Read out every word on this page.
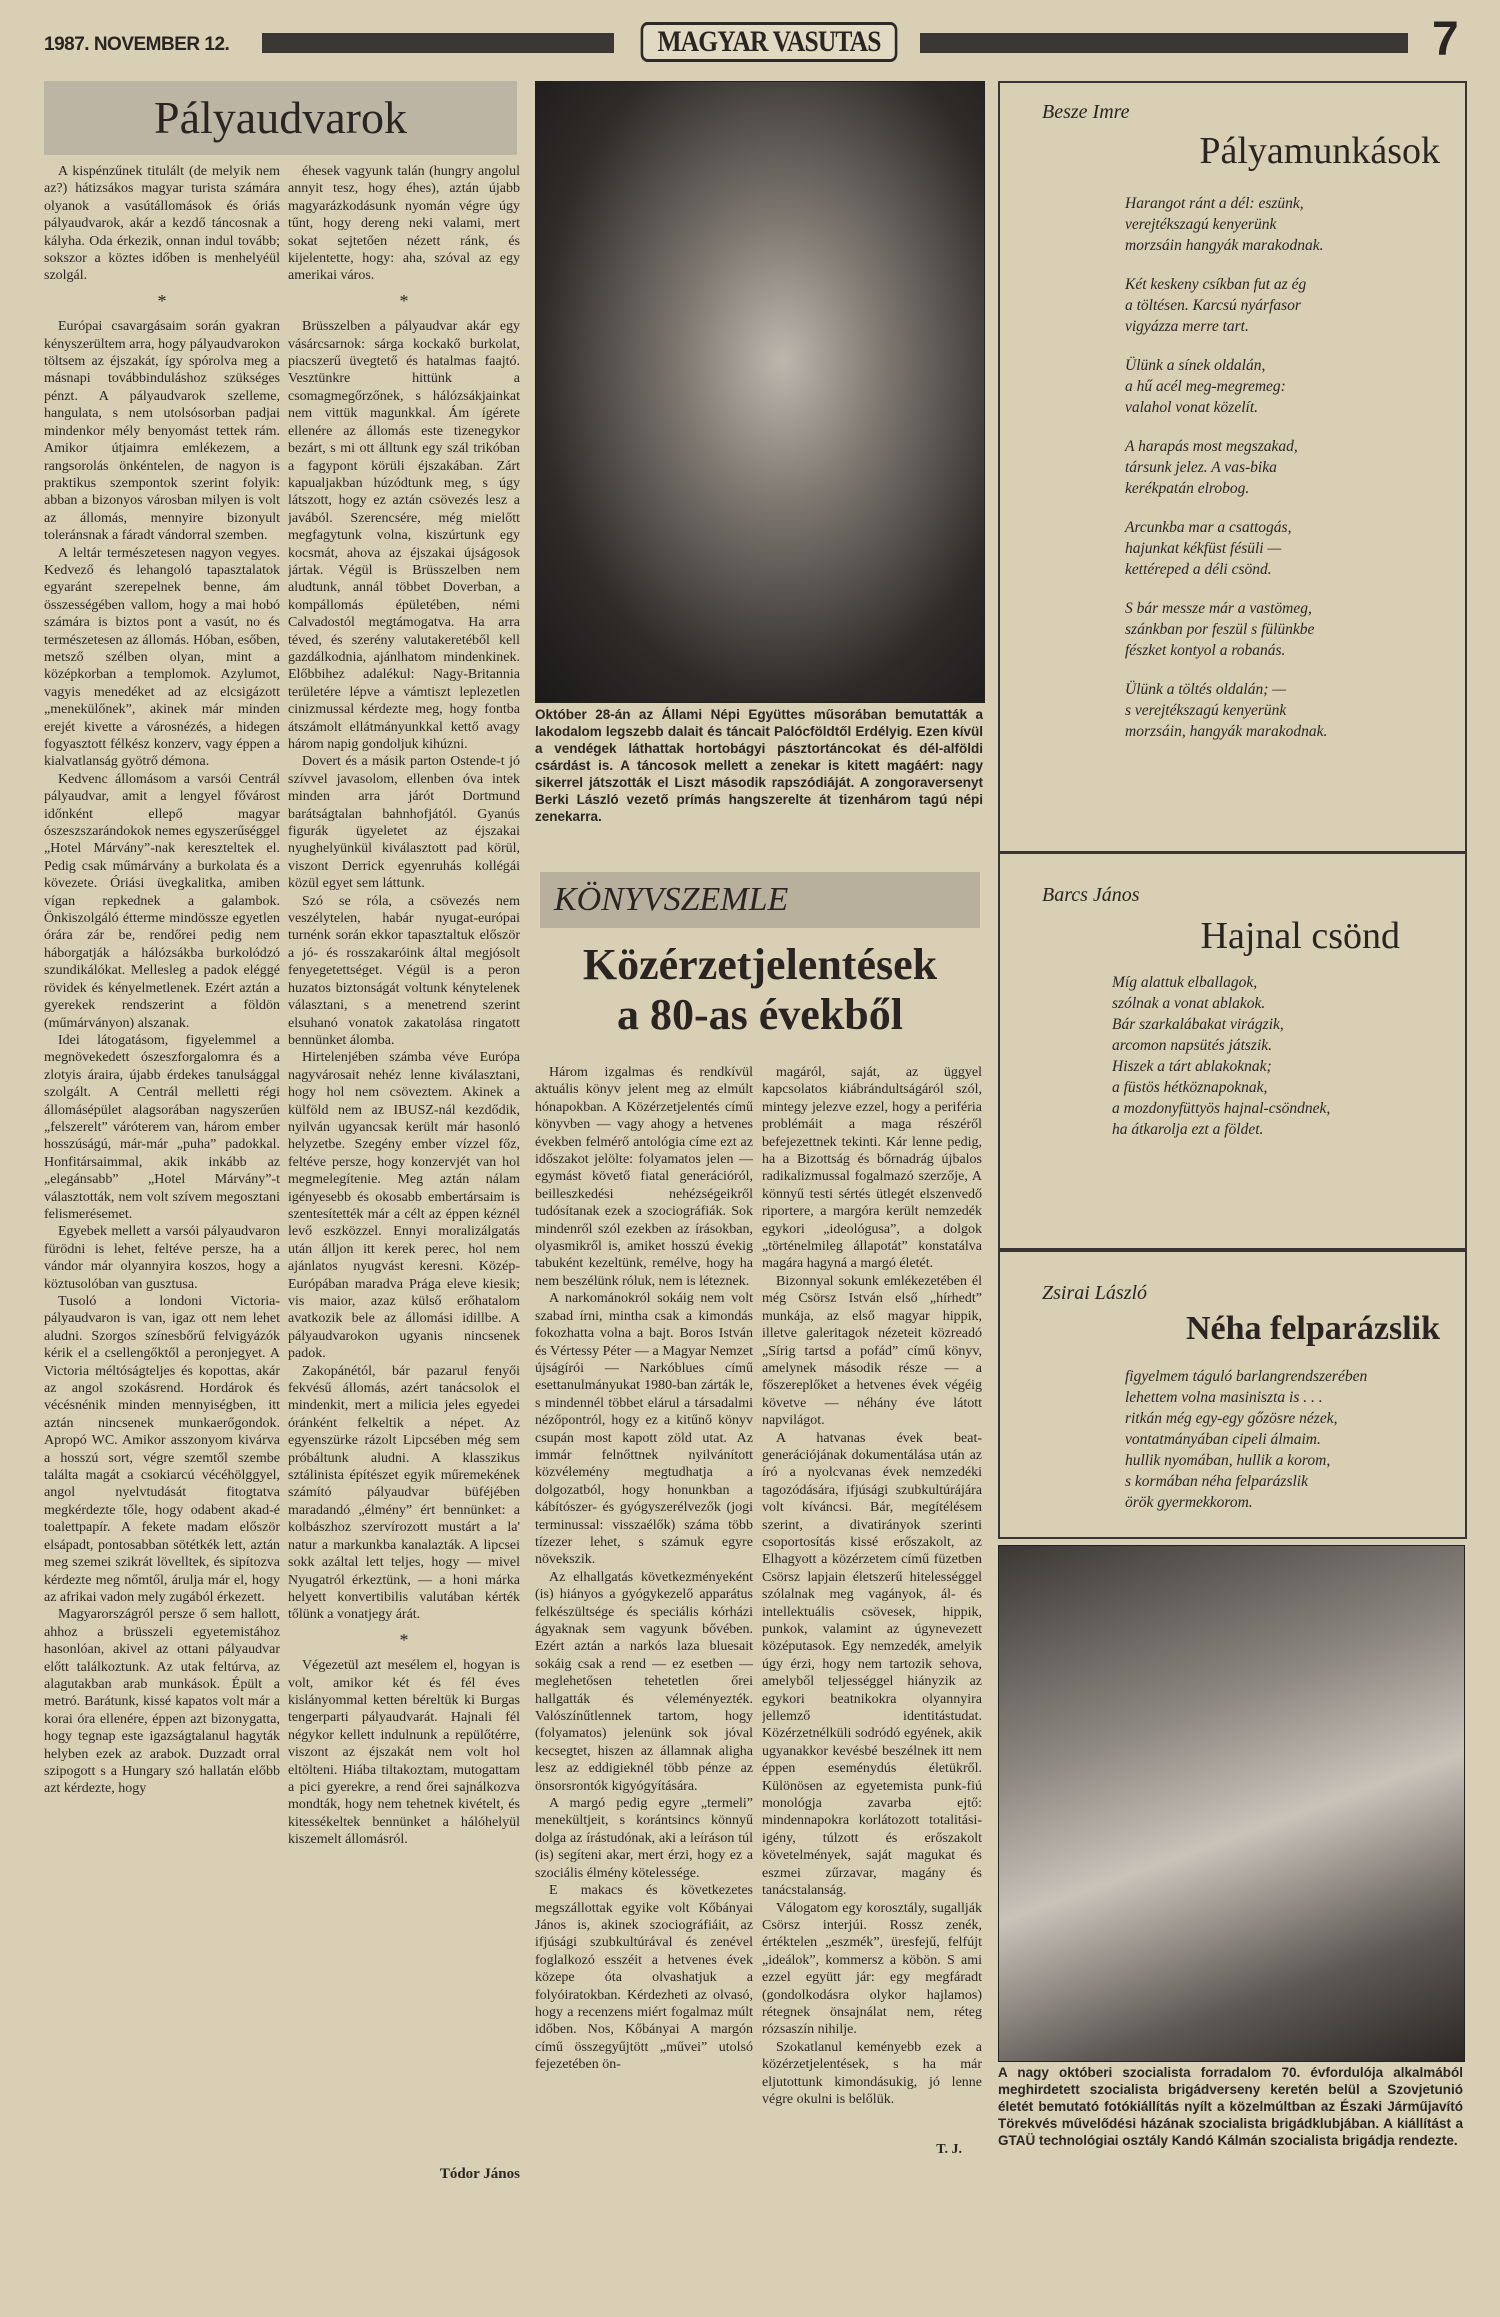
1987. NOVEMBER 12.	MAGYAR VASUTAS	7
Pályaudvarok

A kispénzűnek titulált (de melyik nem az?) hátizsákos magyar turista számára olyanok a vasútállomások és óriás pályaudvarok, akár a kezdő táncosnak a kályha. Oda érkezik, onnan indul tovább; sokszor a köztes időben is menhelyéül szolgál.

*

Európai csavargásaim során gyakran kényszerültem arra, hogy pályaudvarokon töltsem az éjszakát, így spórolva meg a másnapi továbbinduláshoz szükséges pénzt. A pályaudvarok szelleme, hangulata, s nem utolsósorban padjai mindenkor mély benyomást tettek rám. Amikor útjaimra emlékezem, a rangsorolás önkéntelen, de nagyon is praktikus szempontok szerint folyik: abban a bizonyos városban milyen is volt az állomás, mennyire bizonyult toleránsnak a fáradt vándorral szemben.

A leltár természetesen nagyon vegyes. Kedvező és lehangoló tapasztalatok egyaránt szerepelnek benne, ám összességében vallom, hogy a mai hobó számára is biztos pont a vasút, no és természetesen az állomás. Hóban, esőben, metsző szélben olyan, mint a középkorban a templomok. Azylumot, vagyis menedéket ad az elcsigázott „menekülőnek”, akinek már minden erejét kivette a városnézés, a hidegen fogyasztott félkész konzerv, vagy éppen a kialvatlanság gyötrő démona.

Kedvenc állomásom a varsói Centrál pályaudvar, amit a lengyel fővárost időnként ellepő magyar ószeszszarándokok nemes egyszerűséggel „Hotel Márvány”-nak kereszteltek el. Pedig csak műmárvány a burkolata és a kövezete. Óriási üvegkalitka, amiben vígan repkednek a galambok. Önkiszolgáló étterme mindössze egyetlen órára zár be, rendőrei pedig nem háborgatják a hálózsákba burkolódzó szundikálókat. Mellesleg a padok eléggé rövidek és kényelmetlenek. Ezért aztán a gyerekek rendszerint a földön (műmárványon) alszanak.

Idei látogatásom, figyelemmel a megnövekedett ószeszforgalomra és a zlotyis áraira, újabb érdekes tanulsággal szolgált. A Centrál melletti régi állomásépület alagsorában nagyszerűen „felszerelt” váróterem van, három ember hosszúságú, már-már „puha” padokkal. Honfitársaimmal, akik inkább az „elegánsabb” „Hotel Márvány”-t választották, nem volt szívem megosztani felismerésemet.

Egyebek mellett a varsói pályaudvaron fürödni is lehet, feltéve persze, ha a vándor már olyannyira koszos, hogy a köztusolóban van gusztusa.

Tusoló a londoni Victoria-pályaudvaron is van, igaz ott nem lehet aludni. Szorgos színesbőrű felvigyázók kérik el a csellengőktől a peronjegyet. A Victoria méltóságteljes és kopottas, akár az angol szokásrend. Hordárok és vécésnénik minden mennyiségben, itt aztán nincsenek munkaerőgondok. Apropó WC. Amikor asszonyom kivárva a hosszú sort, végre szemtől szembe találta magát a csokiarcú vécéhölggyel, angol nyelvtudását fitogtatva megkérdezte tőle, hogy odabent akad-é toalettpapír. A fekete madam először elsápadt, pontosabban sötétkék lett, aztán meg szemei szikrát lövelltek, és sipítozva kérdezte meg nőmtől, árulja már el, hogy az afrikai vadon mely zugából érkezett.

Magyarországról persze ő sem hallott, ahhoz a brüsszeli egyetemistához hasonlóan, akivel az ottani pályaudvar előtt találkoztunk. Az utak feltúrva, az alagutakban arab munkások. Épült a metró. Barátunk, kissé kapatos volt már a korai óra ellenére, éppen azt bizonygatta, hogy tegnap este igazságtalanul hagyták helyben ezek az arabok. Duzzadt orral szipogott s a Hungary szó hallatán előbb azt kérdezte, hogy

éhesek vagyunk talán (hungry angolul annyit tesz, hogy éhes), aztán újabb magyarázkodásunk nyomán végre úgy tűnt, hogy dereng neki valami, mert sokat sejtetően nézett ránk, és kijelentette, hogy: aha, szóval az egy amerikai város.

*

Brüsszelben a pályaudvar akár egy vásárcsarnok: sárga kockakő burkolat, piacszerű üvegtető és hatalmas faajtó. Vesztünkre hittünk a csomagmegőrzőnek, s hálózsákjainkat nem vittük magunkkal. Ám ígérete ellenére az állomás este tizenegykor bezárt, s mi ott álltunk egy szál trikóban a fagypont körüli éjszakában. Zárt kapualjakban húzódtunk meg, s úgy látszott, hogy ez aztán csövezés lesz a javából. Szerencsére, még mielőtt megfagytunk volna, kiszúrtunk egy kocsmát, ahova az éjszakai újságosok jártak. Végül is Brüsszelben nem aludtunk, annál többet Doverban, a kompállomás épületében, némi Calvadostól megtámogatva. Ha arra téved, és szerény valutakeretéből kell gazdálkodnia, ajánlhatom mindenkinek. Előbbihez adalékul: Nagy-Britannia területére lépve a vámtiszt leplezetlen cinizmussal kérdezte meg, hogy fontba átszámolt ellátmányunkkal kettő avagy három napig gondoljuk kihúzni.

Dovert és a másik parton Ostende-t jó szívvel javasolom, ellenben óva intek minden arra járót Dortmund barátságtalan bahnhofjától. Gyanús figurák ügyeletet az éjszakai nyughelyünkül kiválasztott pad körül, viszont Derrick egyenruhás kollégái közül egyet sem láttunk.

Szó se róla, a csövezés nem veszélytelen, habár nyugat-európai turnénk során ekkor tapasztaltuk először a jó- és rosszakaróink által megjósolt fenyegetettséget. Végül is a peron huzatos biztonságát voltunk kénytelenek választani, s a menetrend szerint elsuhanó vonatok zakatolása ringatott bennünket álomba.

Hirtelenjében számba véve Európa nagyvárosait nehéz lenne kiválasztani, hogy hol nem csöveztem. Akinek a külföld nem az IBUSZ-nál kezdődik, nyilván ugyancsak került már hasonló helyzetbe. Szegény ember vízzel főz, feltéve persze, hogy konzervjét van hol megmelegítenie. Meg aztán nálam igényesebb és okosabb embertársaim is szentesítették már a célt az éppen kéznél levő eszközzel. Ennyi moralizálgatás után álljon itt kerek perec, hol nem ajánlatos nyugvást keresni. Közép-Európában maradva Prága eleve kiesik; vis maior, azaz külső erőhatalom avatkozik bele az állomási idillbe. A pályaudvarokon ugyanis nincsenek padok.

Zakopánétól, bár pazarul fenyői fekvésű állomás, azért tanácsolok el mindenkit, mert a milicia jeles egyedei óránként felkeltik a népet. Az egyenszürke rázolt Lipcsében még sem próbáltunk aludni. A klasszikus sztálinista építészet egyik műremekének számító pályaudvar büféjében maradandó „élmény” ért bennünket: a kolbászhoz szervírozott mustárt a la' natur a markunkba kanalazták. A lipcsei sokk azáltal lett teljes, hogy — mivel Nyugatról érkeztünk, — a honi márka helyett konvertibilis valutában kérték tőlünk a vonatjegy árát.

*

Végezetül azt mesélem el, hogyan is volt, amikor két és fél éves kislányommal ketten béreltük ki Burgas tengerparti pályaudvarát. Hajnali fél négykor kellett indulnunk a repülőtérre, viszont az éjszakát nem volt hol eltölteni. Hiába tiltakoztam, mutogattam a pici gyerekre, a rend őrei sajnálkozva mondták, hogy nem tehetnek kivételt, és kitessékeltek bennünket a hálóhelyül kiszemelt állomásról.

Tódor János
Október 28-án az Állami Népi Együttes műsorában bemutatták a lakodalom legszebb dalait és táncait Palócföldtől Erdélyig. Ezen kívül a vendégek láthattak hortobágyi pásztortáncokat és dél-alföldi csárdást is. A táncosok mellett a zenekar is kitett magáért: nagy sikerrel játszották el Liszt második rapszódiáját. A zongoraversenyt Berki László vezető prímás hangszerelte át tizenhárom tagú népi zenekarra.
KÖNYVSZEMLE
Közérzetjelentések
a 80-as évekből

Három izgalmas és rendkívül aktuális könyv jelent meg az elmúlt hónapokban. A Közérzetjelentés című könyvben — vagy ahogy a hetvenes években felmérő antológia címe ezt az időszakot jelölte: folyamatos jelen — egymást követő fiatal generációról, beilleszkedési nehézségeikről tudósítanak ezek a szociográfiák. Sok mindenről szól ezekben az írásokban, olyasmikről is, amiket hosszú évekig tabuként kezeltünk, remélve, hogy ha nem beszélünk róluk, nem is léteznek.

A narkománokról sokáig nem volt szabad írni, mintha csak a kimondás fokozhatta volna a bajt. Boros István és Vértessy Péter — a Magyar Nemzet újságírói — Narkóblues című esettanulmányukat 1980-ban zárták le, s mindennél többet elárul a társadalmi nézőpontról, hogy ez a kitűnő könyv csupán most kapott zöld utat. Az immár felnőttnek nyilvánított közvélemény megtudhatja a dolgozatból, hogy honunkban a kábítószer- és gyógyszerélvezők (jogi terminussal: visszaélők) száma több tízezer lehet, s számuk egyre növekszik.

Az elhallgatás következményeként (is) hiányos a gyógykezelő apparátus felkészültsége és speciális kórházi ágyaknak sem vagyunk bővében. Ezért aztán a narkós laza bluesait sokáig csak a rend — ez esetben — meglehetősen tehetetlen őrei hallgatták és véleményezték. Valószínűtlennek tartom, hogy (folyamatos) jelenünk sok jóval kecsegtet, hiszen az államnak aligha lesz az eddigieknél több pénze az önsorsrontók kigyógyítására.

A margó pedig egyre „termeli” menekültjeit, s korántsincs könnyű dolga az írástudónak, aki a leíráson túl (is) segíteni akar, mert érzi, hogy ez a szociális élmény kötelessége.

E makacs és következetes megszállottak egyike volt Kőbányai János is, akinek szociográfiáit, az ifjúsági szubkultúrával és zenével foglalkozó esszéit a hetvenes évek közepe óta olvashatjuk a folyóiratokban. Kérdezheti az olvasó, hogy a recenzens miért fogalmaz múlt időben. Nos, Kőbányai A margón című összegyűjtött „művei” utolsó fejezetében ön-

magáról, saját, az üggyel kapcsolatos kiábrándultságáról szól, mintegy jelezve ezzel, hogy a periféria problémáit a maga részéről befejezettnek tekinti. Kár lenne pedig, ha a Bizottság és bőrnadrág újbalos radikalizmussal fogalmazó szerzője, A könnyű testi sértés ütlegét elszenvedő riportere, a margóra került nemzedék egykori „ideológusa”, a dolgok „történelmileg állapotát” konstatálva magára hagyná a margó életét.

Bizonnyal sokunk emlékezetében él még Csörsz István első „hírhedt” munkája, az első magyar hippik, illetve galeritagok nézeteit közreadó „Sírig tartsd a pofád” című könyv, amelynek második része — a főszereplőket a hetvenes évek végéig követve — néhány éve látott napvilágot.

A hatvanas évek beat-generációjának dokumentálása után az író a nyolcvanas évek nemzedéki tagozódására, ifjúsági szubkultúrájára volt kíváncsi. Bár, megítélésem szerint, a divatirányok szerinti csoportosítás kissé erőszakolt, az Elhagyott a közérzetem című füzetben Csörsz lapjain életszerű hitelességgel szólalnak meg vagányok, ál- és intellektuális csövesek, hippik, punkok, valamint az úgynevezett középutasok. Egy nemzedék, amelyik úgy érzi, hogy nem tartozik sehova, amelyből teljességgel hiányzik az egykori beatnikokra olyannyira jellemző identitástudat. Közérzetnélküli sodródó egyének, akik ugyanakkor kevésbé beszélnek itt nem éppen eseménydús életükről. Különösen az egyetemista punk-fiú monológja zavarba ejtő: mindennapokra korlátozott totalitási-igény, túlzott és erőszakolt követelmények, saját magukat és eszmei zűrzavar, magány és tanácstalanság.

Válogatom egy korosztály, sugallják Csörsz interjúi. Rossz zenék, értéktelen „eszmék”, üresfejű, felfújt „ideálok”, kommersz a köbön. S ami ezzel együtt jár: egy megfáradt (gondolkodásra olykor hajlamos) rétegnek önsajnálat nem, réteg rózsaszín nihilje.

Szokatlanul keményebb ezek a közérzetjelentések, s ha már eljutottunk kimondásukig, jó lenne végre okulni is belőlük.

T. J.
Besze Imre
Pályamunkások
Harangot ránt a dél: eszünk,
verejtékszagú kenyerünk
morzsáin hangyák marakodnak.
Két keskeny csíkban fut az ég
a töltésen. Karcsú nyárfasor
vigyázza merre tart.
Ülünk a sínek oldalán,
a hű acél meg-megremeg:
valahol vonat közelít.
A harapás most megszakad,
társunk jelez. A vas-bika
kerékpatán elrobog.
Arcunkba mar a csattogás,
hajunkat kékfüst fésüli —
kettéreped a déli csönd.
S bár messze már a vastömeg,
szánkban por feszül s fülünkbe
fészket kontyol a robanás.
Ülünk a töltés oldalán; —
s verejtékszagú kenyerünk
morzsáin, hangyák marakodnak.
Barcs János
Hajnal csönd
Míg alattuk elballagok,
szólnak a vonat ablakok.
Bár szarkalábakat virágzik,
arcomon napsütés játszik.
Hiszek a tárt ablakoknak;
a füstös hétköznapoknak,
a mozdonyfüttyös hajnal-csöndnek,
ha átkarolja ezt a földet.
Zsirai László
Néha felparázslik
figyelmem táguló barlangrendszerében
lehettem volna masiniszta is . . .
ritkán még egy-egy gőzösre nézek,
vontatmányában cipeli álmaim.
hullik nyomában, hullik a korom,
s kormában néha felparázslik
örök gyermekkorom.
A nagy októberi szocialista forradalom 70. évfordulója alkalmából meghirdetett szocialista brigádverseny keretén belül a Szovjetunió életét bemutató fotókiállítás nyílt a közelmúltban az Északi Járműjavító Törekvés művelődési házának szocialista brigádklubjában. A kiállítást a GTAÜ technológiai osztály Kandó Kálmán szocialista brigádja rendezte.
